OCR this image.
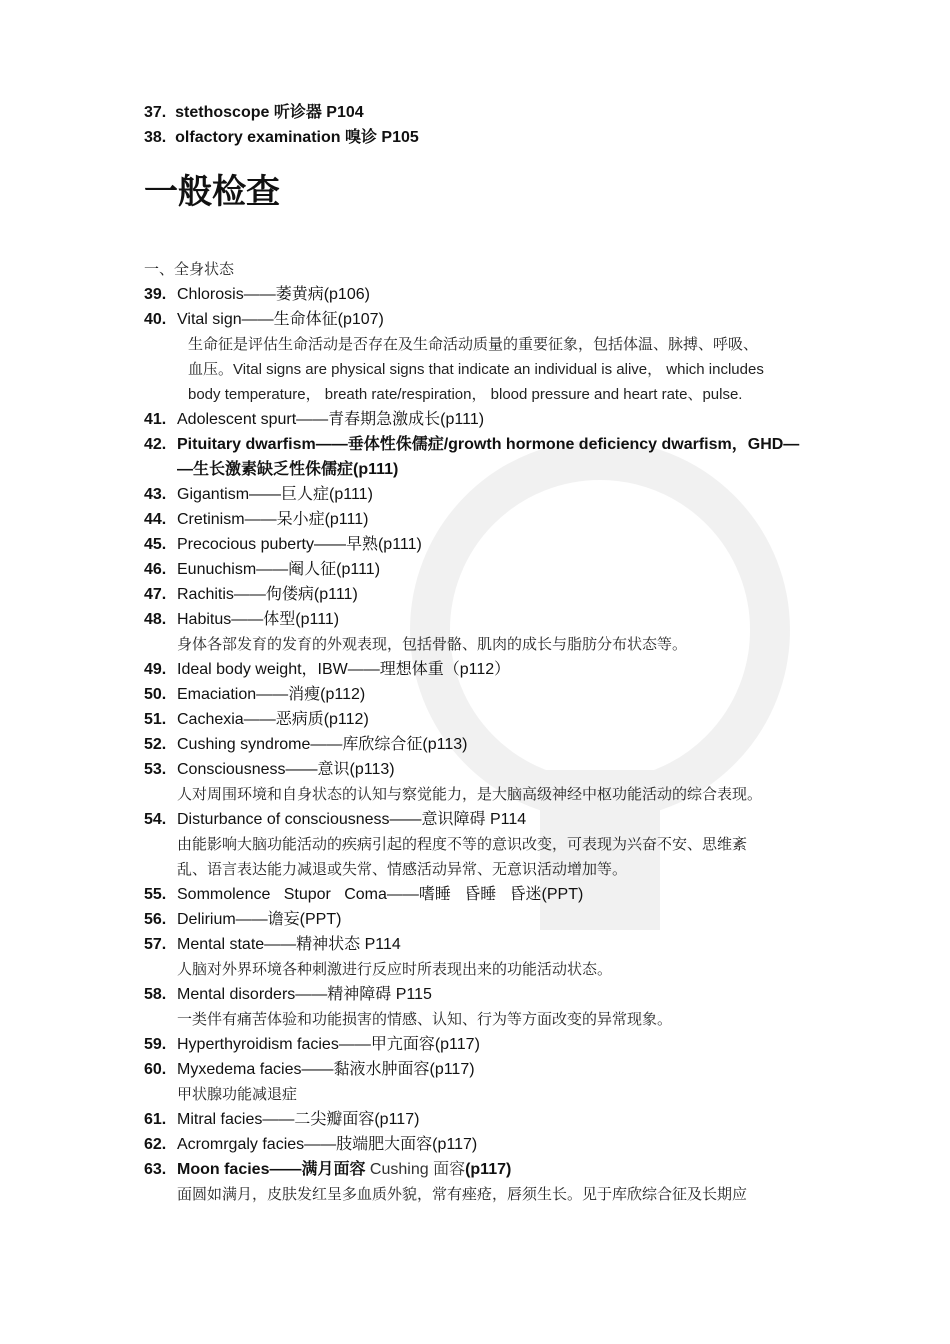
37. stethoscope 听诊器 P104
38. olfactory examination 嗅诊 P105
一般检查
一、全身状态
39. Chlorosis——萎黄病(p106)
40. Vital sign——生命体征(p107)
生命征是评估生命活动是否存在及生命活动质量的重要征象，包括体温、脉搏、呼吸、
血压。Vital signs are physical signs that indicate an individual is alive， which includes
body temperature， breath rate/respiration， blood pressure and heart rate、pulse.
41. Adolescent spurt——青春期急激成长(p111)
42. Pituitary dwarfism——垂体性侏儒症/growth hormone deficiency dwarfism，GHD—
—生长激素缺乏性侏儒症(p111)
43. Gigantism——巨人症(p111)
44. Cretinism——呆小症(p111)
45. Precocious puberty——早熟(p111)
46. Eunuchism——阉人征(p111)
47. Rachitis——佝偻病(p111)
48. Habitus——体型(p111)
身体各部发育的发育的外观表现，包括骨骼、肌肉的成长与脂肪分布状态等。
49. Ideal body weight，IBW——理想体重（p112）
50. Emaciation——消瘦(p112)
51. Cachexia——恶病质(p112)
52. Cushing syndrome——库欣综合征(p113)
53. Consciousness——意识(p113)
人对周围环境和自身状态的认知与察觉能力，是大脑高级神经中枢功能活动的综合表现。
54. Disturbance of consciousness——意识障碍 P114
由能影响大脑功能活动的疾病引起的程度不等的意识改变，可表现为兴奋不安、思维紊
乱、语言表达能力减退或失常、情感活动异常、无意识活动增加等。
55. Sommolence   Stupor   Coma——嗜睡   昏睡   昏迷(PPT)
56. Delirium——谵妄(PPT)
57. Mental state——精神状态 P114
人脑对外界环境各种刺激进行反应时所表现出来的功能活动状态。
58. Mental disorders——精神障碍 P115
一类伴有痛苦体验和功能损害的情感、认知、行为等方面改变的异常现象。
59. Hyperthyroidism facies——甲亢面容(p117)
60. Myxedema facies——黏液水肿面容(p117)
甲状腺功能减退症
61. Mitral facies——二尖瓣面容(p117)
62. Acromrgaly facies——肢端肥大面容(p117)
63. Moon facies——满月面容 Cushing 面容(p117)
面圆如满月，皮肤发红呈多血质外貌，常有痤疮，唇须生长。见于库欣综合征及长期应
